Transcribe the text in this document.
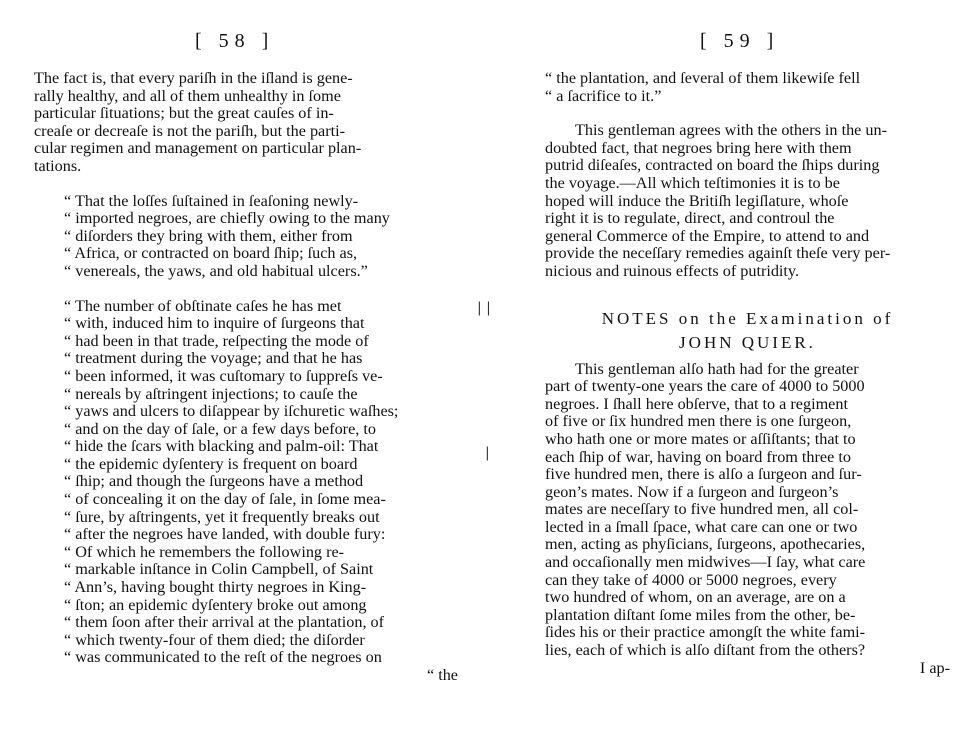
[ 58 ]
The fact is, that every pariſh in the iſland is gene-
rally healthy, and all of them unhealthy in ſome
particular ſituations; but the great cauſes of in-
creaſe or decreaſe is not the pariſh, but the parti-
cular regimen and management on particular plan-
tations.
“ That the loſſes ſuſtained in ſeaſoning newly-
“ imported negroes, are chiefly owing to the many
“ diſorders they bring with them, either from
“ Africa, or contracted on board ſhip; ſuch as,
“ venereals, the yaws, and old habitual ulcers.”
“ The number of obſtinate caſes he has met
“ with, induced him to inquire of ſurgeons that
“ had been in that trade, reſpecting the mode of
“ treatment during the voyage; and that he has
“ been informed, it was cuſtomary to ſuppreſs ve-
“ nereals by aſtringent injections; to cauſe the
“ yaws and ulcers to diſappear by iſchuretic waſhes;
“ and on the day of ſale, or a few days before, to
“ hide the ſcars with blacking and palm-oil: That
“ the epidemic dyſentery is frequent on board
“ ſhip; and though the ſurgeons have a method
“ of concealing it on the day of ſale, in ſome mea-
“ ſure, by aſtringents, yet it frequently breaks out
“ after the negroes have landed, with double fury:
“ Of which he remembers the following re-
“ markable inſtance in Colin Campbell, of Saint
“ Ann’s, having bought thirty negroes in King-
“ ſton; an epidemic dyſentery broke out among
“ them ſoon after their arrival at the plantation, of
“ which twenty-four of them died; the diſorder
“ was communicated to the reſt of the negroes on
“ the
| |
|
[ 59 ]
“ the plantation, and ſeveral of them likewiſe fell
“ a ſacrifice to it.”
This gentleman agrees with the others in the un-
doubted fact, that negroes bring here with them
putrid diſeaſes, contracted on board the ſhips during
the voyage.—All which teſtimonies it is to be
hoped will induce the Britiſh legiſlature, whoſe
right it is to regulate, direct, and controul the
general Commerce of the Empire, to attend to and
provide the neceſſary remedies againſt theſe very per-
nicious and ruinous effects of putridity.
NOTES on the Examination of
JOHN QUIER.
This gentleman alſo hath had for the greater
part of twenty-one years the care of 4000 to 5000
negroes. I ſhall here obſerve, that to a regiment
of five or ſix hundred men there is one ſurgeon,
who hath one or more mates or aſſiſtants; that to
each ſhip of war, having on board from three to
five hundred men, there is alſo a ſurgeon and ſur-
geon’s mates. Now if a ſurgeon and ſurgeon’s
mates are neceſſary to five hundred men, all col-
lected in a ſmall ſpace, what care can one or two
men, acting as phyſicians, ſurgeons, apothecaries,
and occaſionally men midwives—I ſay, what care
can they take of 4000 or 5000 negroes, every
two hundred of whom, on an average, are on a
plantation diſtant ſome miles from the other, be-
ſides his or their practice amongſt the white fami-
lies, each of which is alſo diſtant from the others?
I ap-
